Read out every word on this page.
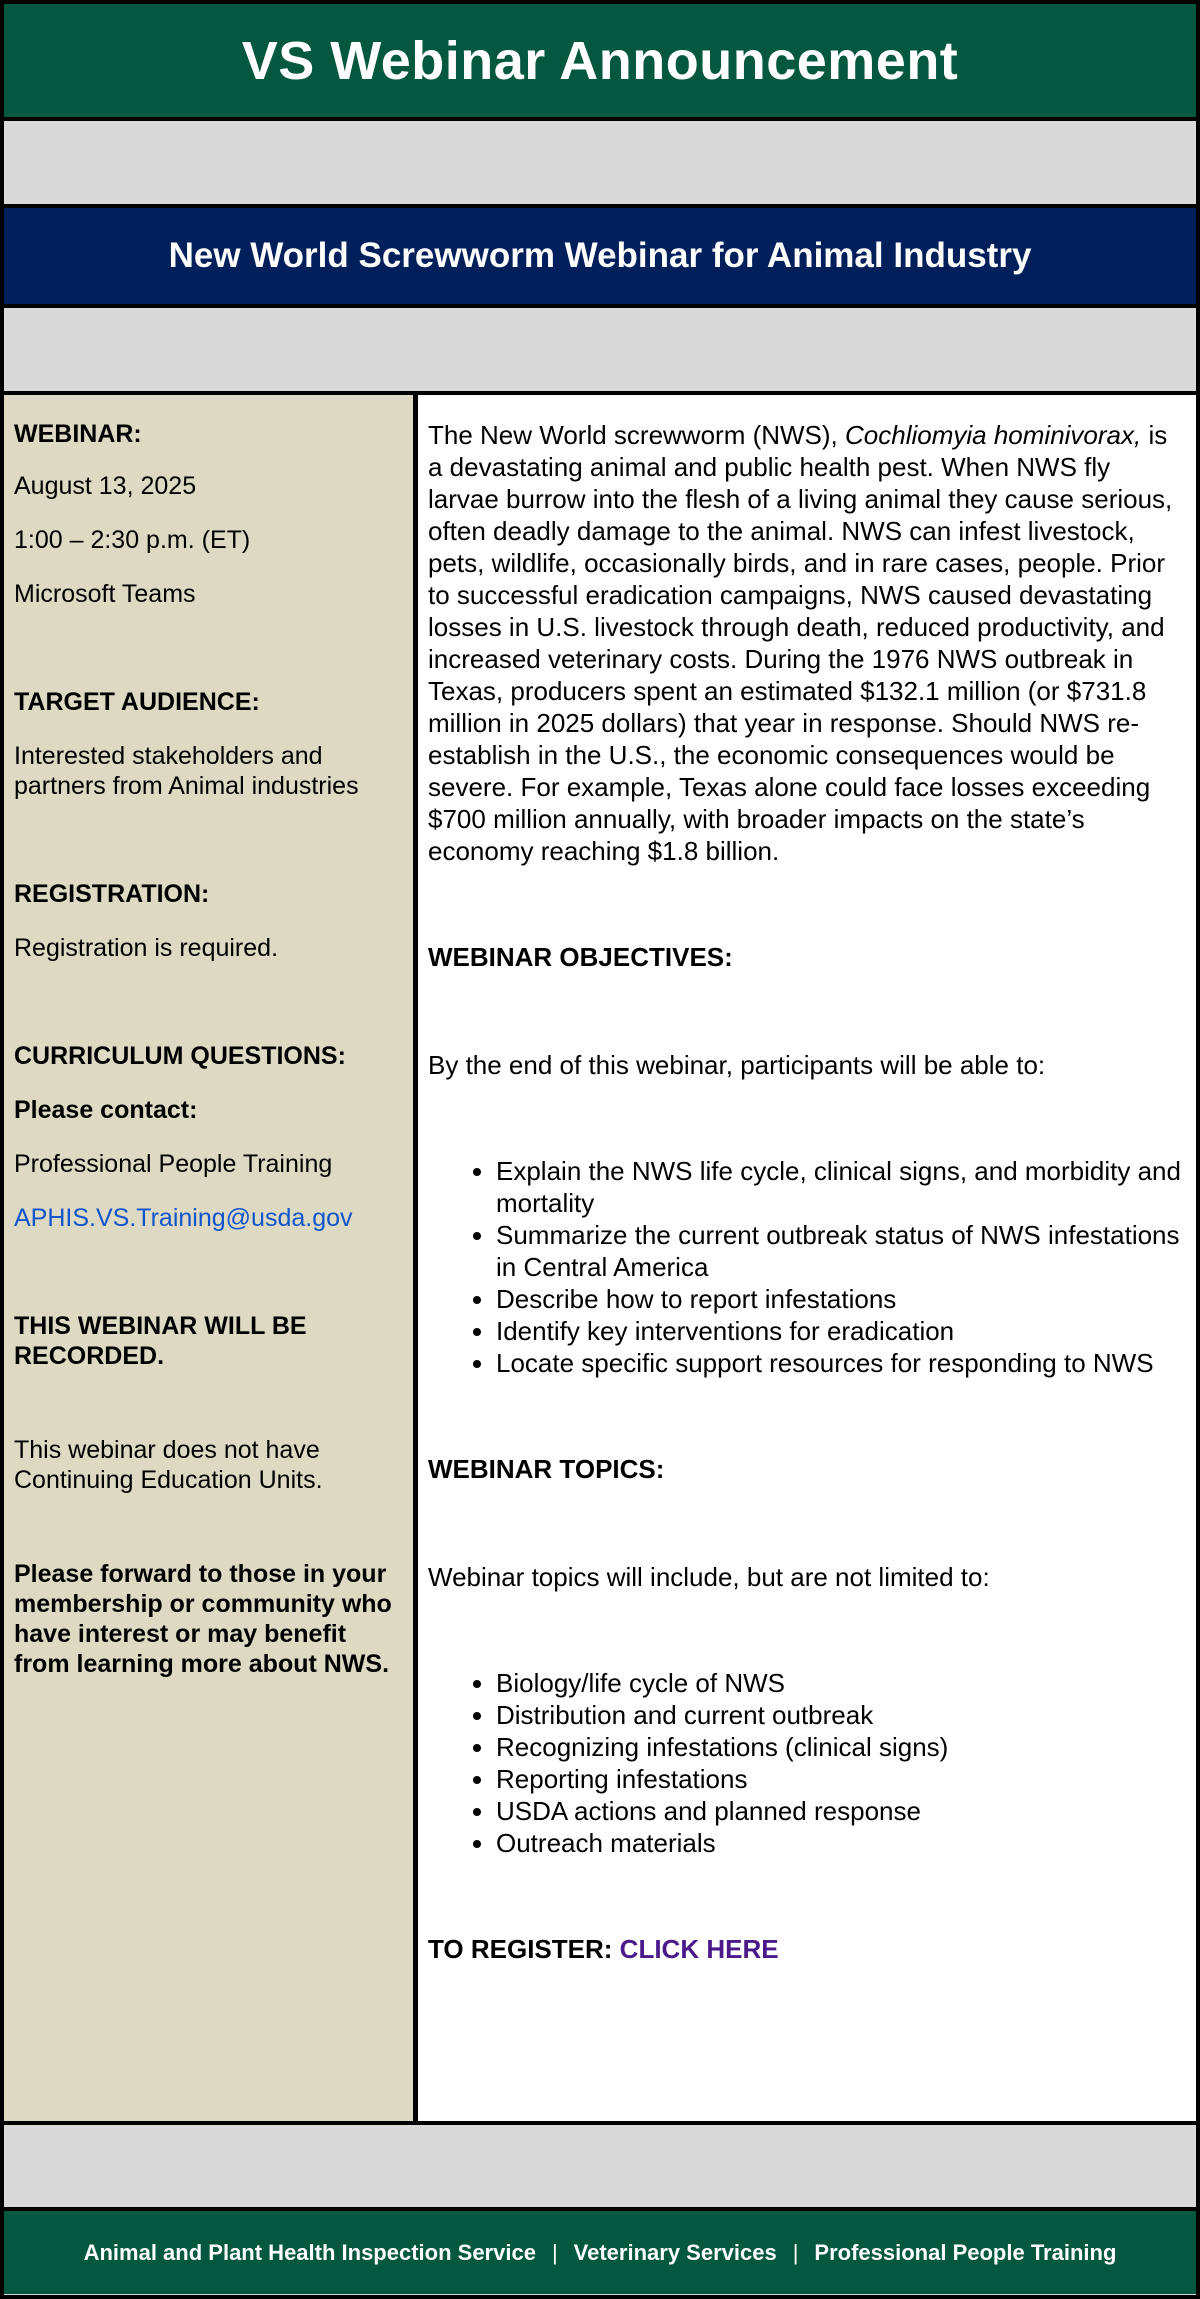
VS Webinar Announcement
New World Screwworm Webinar for Animal Industry

WEBINAR:

August 13, 2025

1:00 – 2:30 p.m. (ET)

Microsoft Teams

TARGET AUDIENCE:

Interested stakeholders and partners from Animal industries

REGISTRATION:

Registration is required.

CURRICULUM QUESTIONS:

Please contact:

Professional People Training

APHIS.VS.Training@usda.gov

THIS WEBINAR WILL BE RECORDED.

This webinar does not have Continuing Education Units.

Please forward to those in your membership or community who have interest or may benefit from learning more about NWS.

The New World screwworm (NWS), Cochliomyia hominivorax, is a devastating animal and public health pest. When NWS fly larvae burrow into the flesh of a living animal they cause serious, often deadly damage to the animal. NWS can infest livestock, pets, wildlife, occasionally birds, and in rare cases, people. Prior to successful eradication campaigns, NWS caused devastating losses in U.S. livestock through death, reduced productivity, and increased veterinary costs. During the 1976 NWS outbreak in Texas, producers spent an estimated $132.1 million (or $731.8 million in 2025 dollars) that year in response. Should NWS re-establish in the U.S., the economic consequences would be severe. For example, Texas alone could face losses exceeding $700 million annually, with broader impacts on the state’s economy reaching $1.8 billion.

WEBINAR OBJECTIVES:

By the end of this webinar, participants will be able to:

• Explain the NWS life cycle, clinical signs, and morbidity and mortality
• Summarize the current outbreak status of NWS infestations in Central America
• Describe how to report infestations
• Identify key interventions for eradication
• Locate specific support resources for responding to NWS

WEBINAR TOPICS:

Webinar topics will include, but are not limited to:

• Biology/life cycle of NWS
• Distribution and current outbreak
• Recognizing infestations (clinical signs)
• Reporting infestations
• USDA actions and planned response
• Outreach materials

TO REGISTER: CLICK HERE

Animal and Plant Health Inspection Service | Veterinary Services | Professional People Training
